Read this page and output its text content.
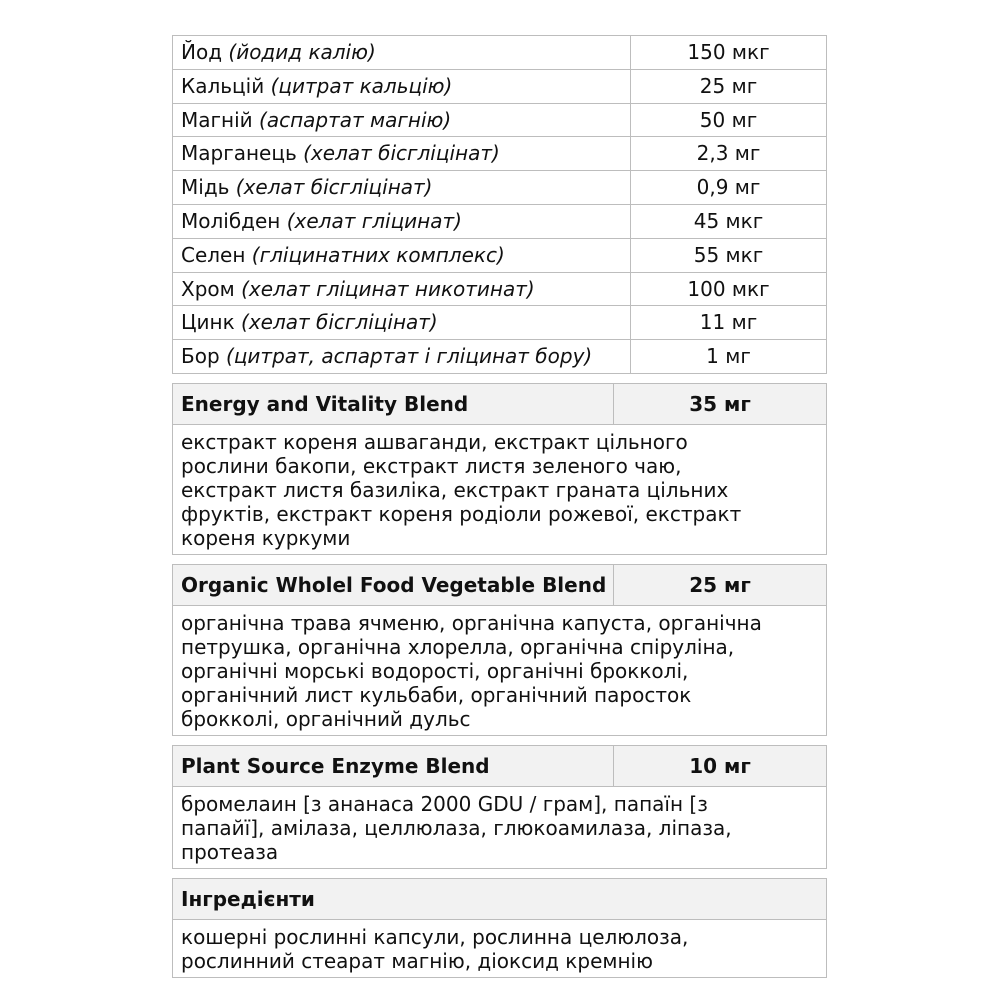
Йод (йодид калію)	150 мкг
Кальцій (цитрат кальцію)	25 мг
Магній (аспартат магнію)	50 мг
Марганець (хелат бісгліцінат)	2,3 мг
Мідь (хелат бісгліцінат)	0,9 мг
Молібден (хелат гліцинат)	45 мкг
Селен (гліцинатних комплекс)	55 мкг
Хром (хелат гліцинат никотинат)	100 мкг
Цинк (хелат бісгліцінат)	11 мг
Бор (цитрат, аспартат і гліцинат бору)	1 мг
Energy and Vitality Blend	35 мг
екстракт кореня ашваганди, екстракт цільного
рослини бакопи, екстракт листя зеленого чаю,
екстракт листя базиліка, екстракт граната цільних
фруктів, екстракт кореня родіоли рожевої, екстракт
кореня куркуми
Organic Wholel Food Vegetable Blend	25 мг
органічна трава ячменю, органічна капуста, органічна
петрушка, органічна хлорелла, органічна спіруліна,
органічні морські водорості, органічні брокколі,
органічний лист кульбаби, органічний паросток
брокколі, органічний дульс
Plant Source Enzyme Blend	10 мг
бромелаин [з ананаса 2000 GDU / грам], папаїн [з
папайї], амілаза, целлюлаза, глюкоамилаза, ліпаза,
протеаза
Інгредієнти
кошерні рослинні капсули, рослинна целюлоза,
рослинний стеарат магнію, діоксид кремнію
